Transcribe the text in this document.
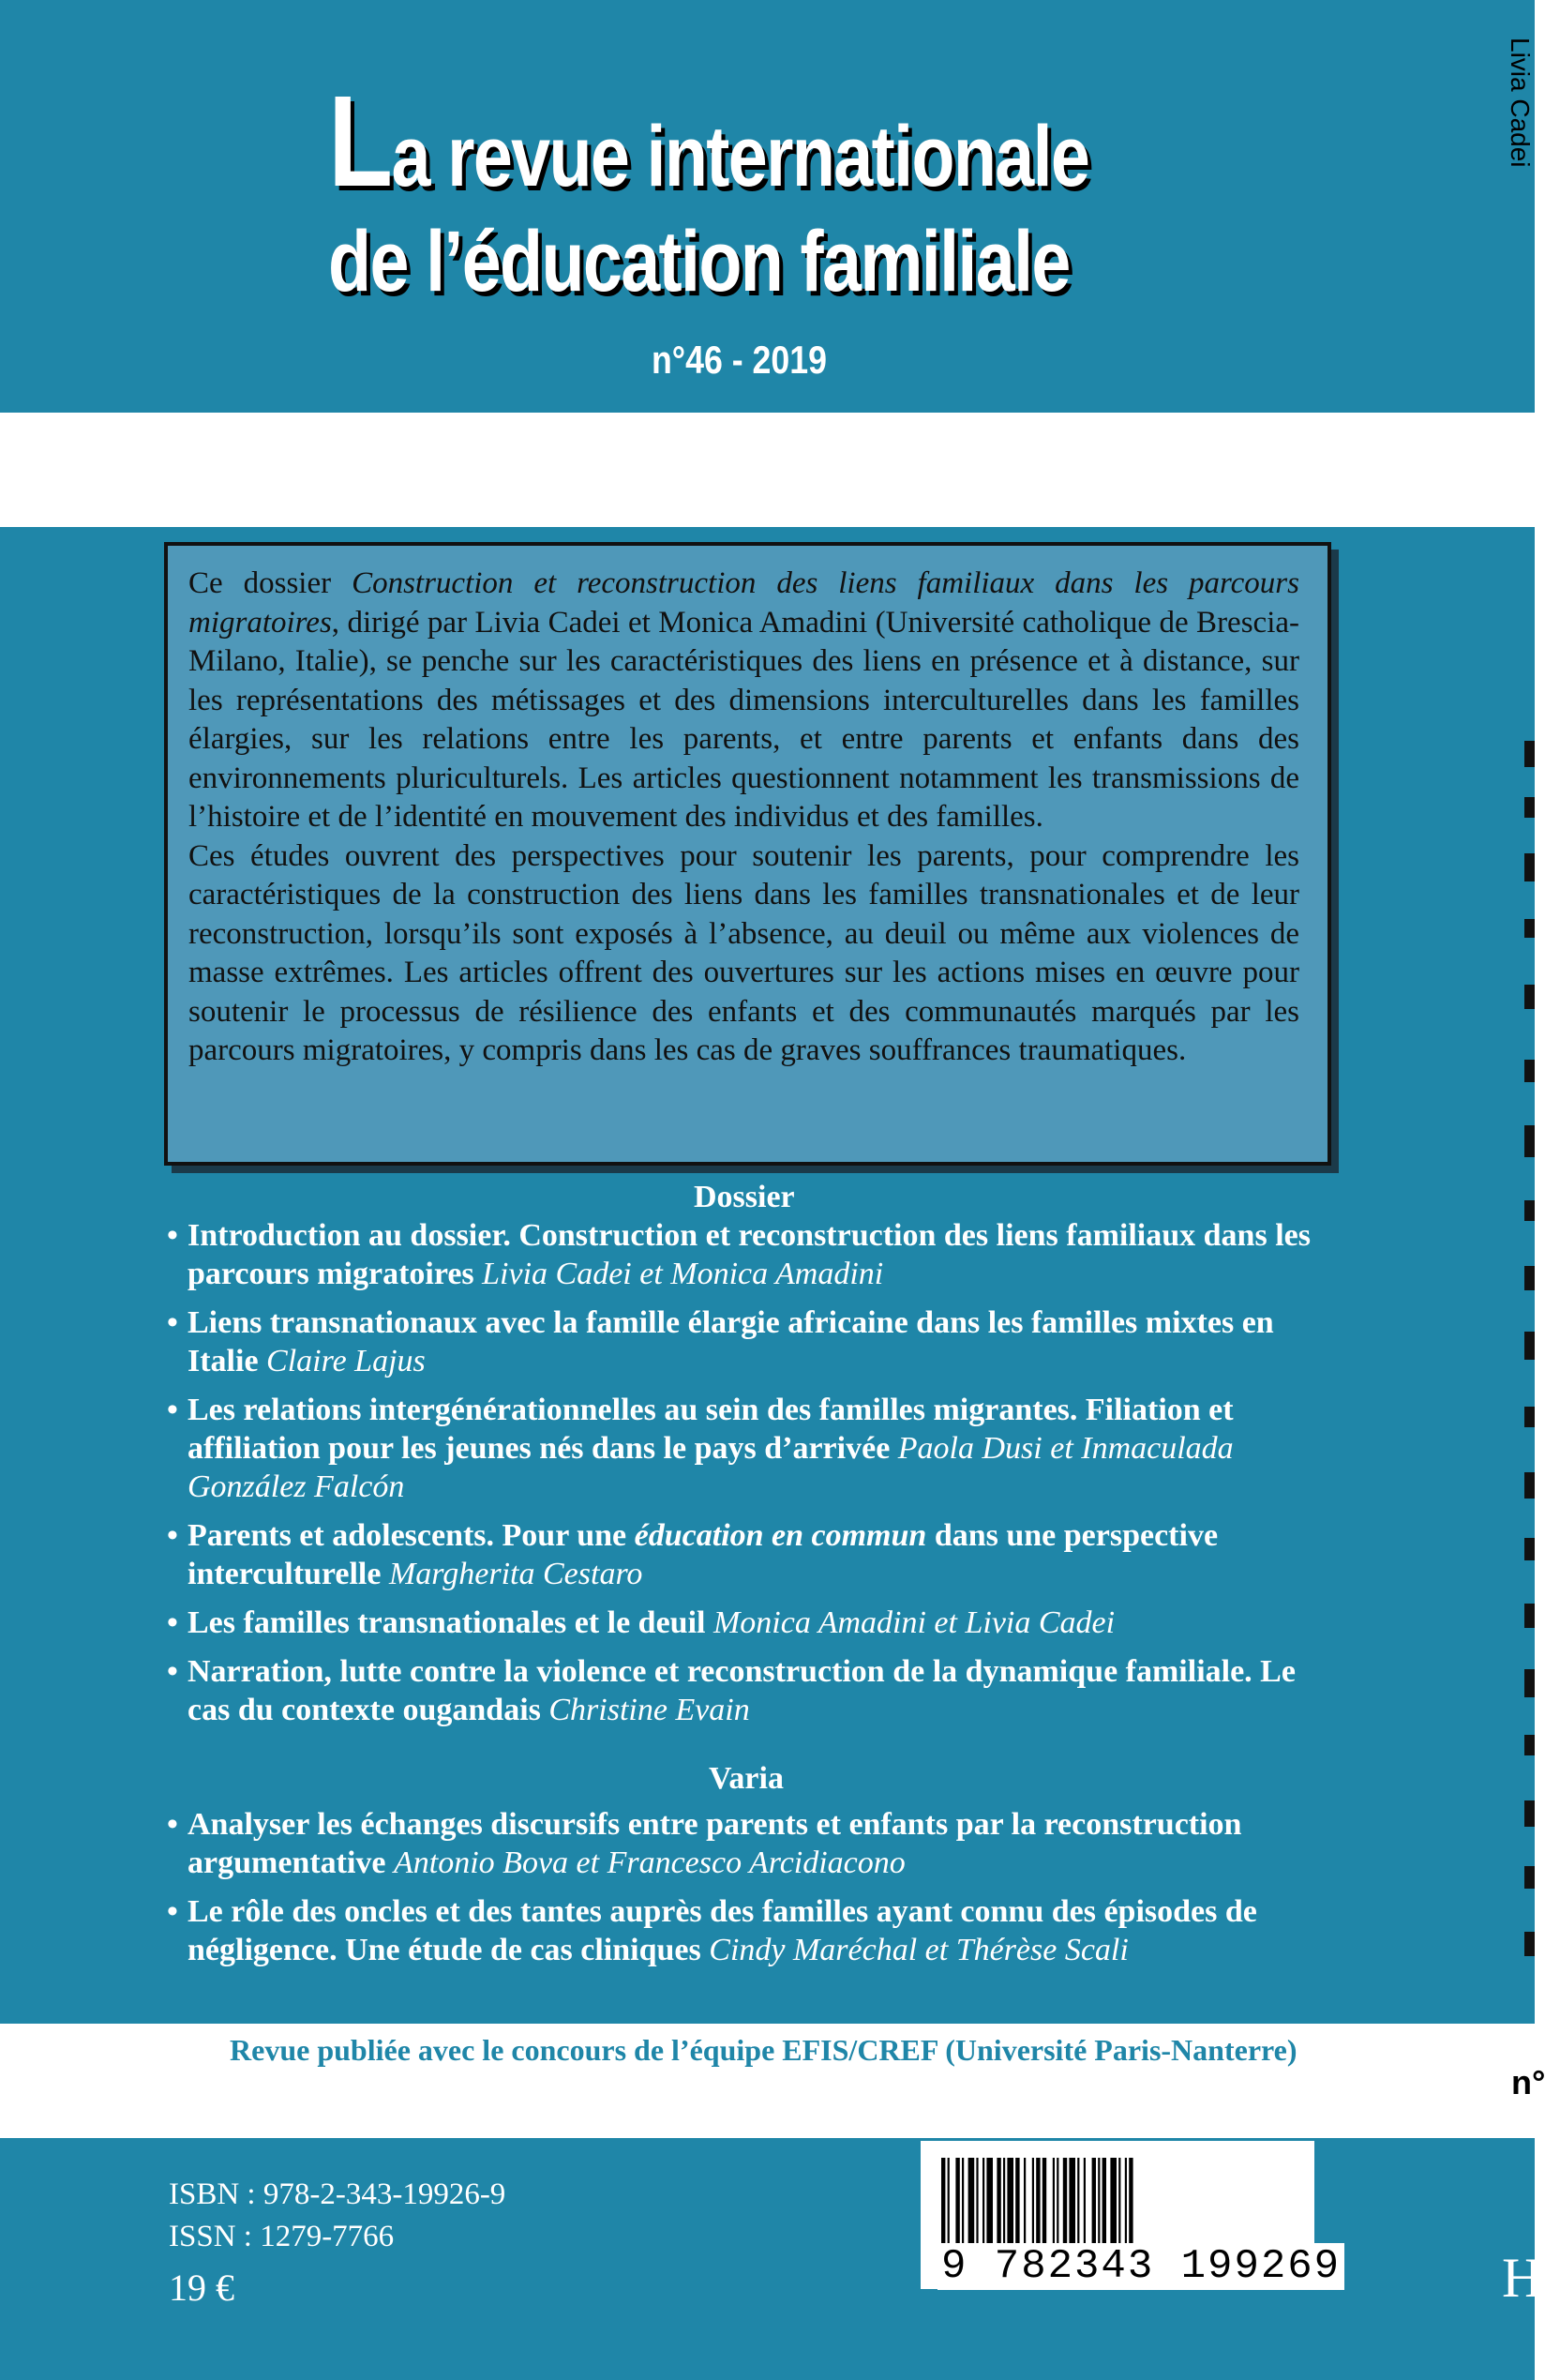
La revue internationale
de l’éducation familiale
n°46 - 2019
Livia Cadei
n°
H

Ce dossier Construction et reconstruction des liens familiaux dans les parcours migratoires, dirigé par Livia Cadei et Monica Amadini (Université catholique de Brescia-Milano, Italie), se penche sur les caractéristiques des liens en présence et à distance, sur les représentations des métissages et des dimensions interculturelles dans les familles élargies, sur les relations entre les parents, et entre parents et enfants dans des environnements pluriculturels. Les articles questionnent notamment les transmissions de l’histoire et de l’identité en mouvement des individus et des familles.

Ces études ouvrent des perspectives pour soutenir les parents, pour comprendre les caractéristiques de la construction des liens dans les familles transnationales et de leur reconstruction, lorsqu’ils sont exposés à l’absence, au deuil ou même aux violences de masse extrêmes. Les articles offrent des ouvertures sur les actions mises en œuvre pour soutenir le processus de résilience des enfants et des communautés marqués par les parcours migratoires, y compris dans les cas de graves souffrances traumatiques.

Dossier
• Introduction au dossier. Construction et reconstruction des liens familiaux dans les parcours migratoires Livia Cadei et Monica Amadini
• Liens transnationaux avec la famille élargie africaine dans les familles mixtes en Italie Claire Lajus
• Les relations intergénérationnelles au sein des familles migrantes. Filiation et affiliation pour les jeunes nés dans le pays d’arrivée Paola Dusi et Inmaculada González Falcón
• Parents et adolescents. Pour une éducation en commun dans une perspective interculturelle Margherita Cestaro
• Les familles transnationales et le deuil Monica Amadini et Livia Cadei
• Narration, lutte contre la violence et reconstruction de la dynamique familiale. Le cas du contexte ougandais Christine Evain
Varia
• Analyser les échanges discursifs entre parents et enfants par la reconstruction argumentative Antonio Bova et Francesco Arcidiacono
• Le rôle des oncles et des tantes auprès des familles ayant connu des épisodes de négligence. Une étude de cas cliniques Cindy Maréchal et Thérèse Scali
Revue publiée avec le concours de l’équipe EFIS/CREF (Université Paris-Nanterre)
ISBN : 978-2-343-19926-9
ISSN : 1279-7766
19 €	9 782343 199269
